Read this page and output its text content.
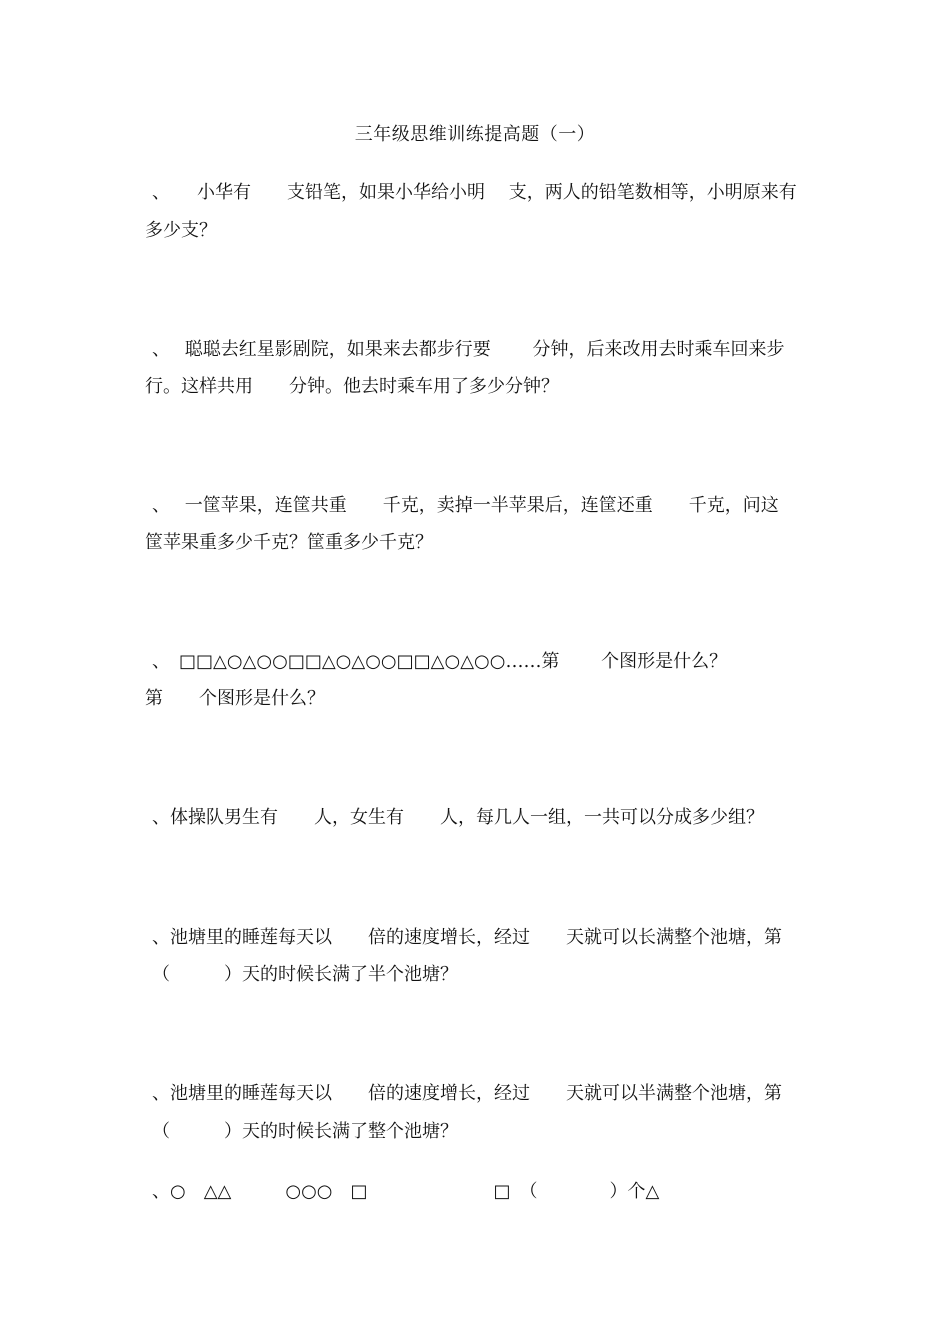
三年级思维训练提高题（一）
、　　小华有　　支铅笔，如果小华给小明　 支，两人的铅笔数相等，小明原来有
多少支？
、　 聪聪去红星影剧院，如果来去都步行要　　 分钟，后来改用去时乘车回来步
行。这样共用　　分钟。他去时乘车用了多少分钟？
、　 一筐苹果，连筐共重　　千克，卖掉一半苹果后，连筐还重　　千克，问这
筐苹果重多少千克？筐重多少千克？
、　□□△○△○○□□△○△○○□□△○△○○……第　　 个图形是什么？
第　　个图形是什么？
、体操队男生有　　人，女生有　　人，每几人一组，一共可以分成多少组？
、池塘里的睡莲每天以　　倍的速度增长，经过　　天就可以长满整个池塘，第
（　　　）天的时候长满了半个池塘？
、池塘里的睡莲每天以　　倍的速度增长，经过　　天就可以半满整个池塘，第
（　　　）天的时候长满了整个池塘？
、○　△△　　　○○○　□　　　　　　　□　（　　　　）个△
